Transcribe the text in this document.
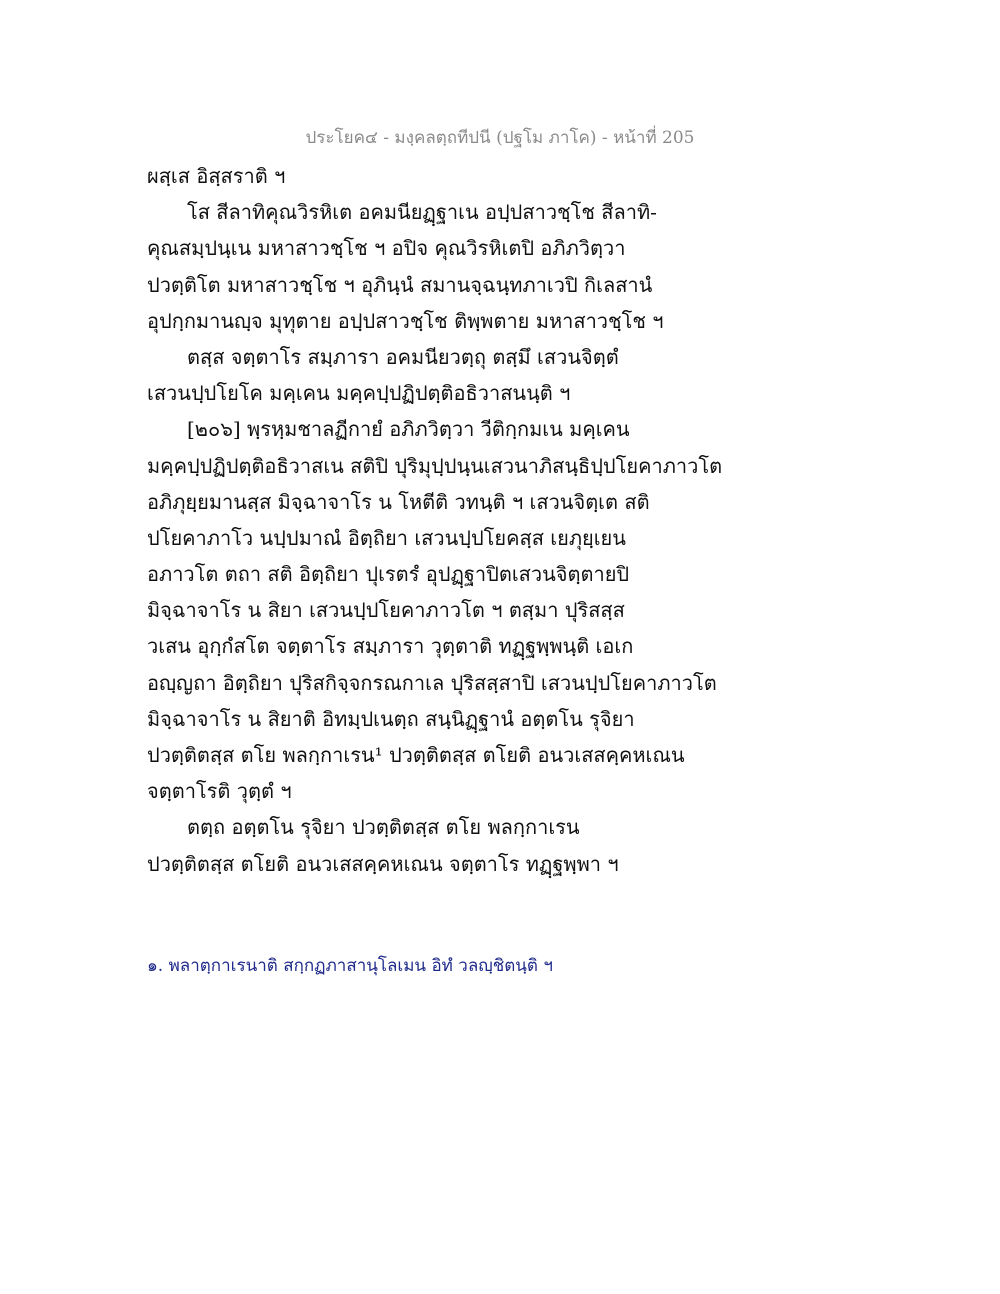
ประโยค๔ - มงฺคลตฺถทีปนี (ปฐโม ภาโค) - หน้าที่ 205
ผสฺเส อิสฺสราติ ฯ
โส สีลาทิคุณวิรหิเต อคมนียฏฺฐาเน อปฺปสาวชฺโช สีลาทิ-
คุณสมฺปนฺเน มหาสาวชฺโช ฯ อปิจ คุณวิรหิเตปิ อภิภวิตฺวา
ปวตฺติโต มหาสาวชฺโช ฯ อุภินฺนํ สมานจฺฉนฺทภาเวปิ กิเลสานํ
อุปกฺกมานญฺจ มุทุตาย อปฺปสาวชฺโช ติพฺพตาย มหาสาวชฺโช ฯ
ตสฺส จตฺตาโร สมฺภารา อคมนียวตฺถุ ตสฺมึ เสวนจิตฺตํ
เสวนปฺปโยโค มคฺเคน มคฺคปฺปฏิปตฺติอธิวาสนนฺติ ฯ
[๒๐๖] พฺรหฺมชาลฏีกายํ อภิภวิตฺวา วีติกฺกมเน มคฺเคน
มคฺคปฺปฏิปตฺติอธิวาสเน สติปิ ปุริมุปฺปนฺนเสวนาภิสนฺธิปฺปโยคาภาวโต
อภิภุยฺยมานสฺส มิจฺฉาจาโร น โหตีติ วทนฺติ ฯ เสวนจิตฺเต สติ
ปโยคาภาโว นปฺปมาณํ อิตฺถิยา เสวนปฺปโยคสฺส เยภุยฺเยน
อภาวโต ตถา สติ อิตฺถิยา ปุเรตรํ อุปฏฺฐาปิตเสวนจิตฺตายปิ
มิจฺฉาจาโร น สิยา เสวนปฺปโยคาภาวโต ฯ ตสฺมา ปุริสสฺส
วเสน อุกฺกํสโต จตฺตาโร สมฺภารา วุตฺตาติ ทฏฺฐพฺพนฺติ เอเก
อญฺญถา อิตฺถิยา ปุริสกิจฺจกรณกาเล ปุริสสฺสาปิ เสวนปฺปโยคาภาวโต
มิจฺฉาจาโร น สิยาติ อิทมฺปเนตฺถ สนฺนิฏฺฐานํ อตฺตโน รุจิยา
ปวตฺติตสฺส ตโย พลกฺกาเรน¹ ปวตฺติตสฺส ตโยติ อนวเสสคฺคหเณน
จตฺตาโรติ วุตฺตํ ฯ
ตตฺถ อตฺตโน รุจิยา ปวตฺติตสฺส ตโย พลกฺกาเรน
ปวตฺติตสฺส ตโยติ อนวเสสคฺคหเณน จตฺตาโร ทฏฺฐพฺพา ฯ
๑. พลาตฺกาเรนาติ สกฺกฏภาสานุโลเมน อิทํ วลญฺชิตนฺติ ฯ
